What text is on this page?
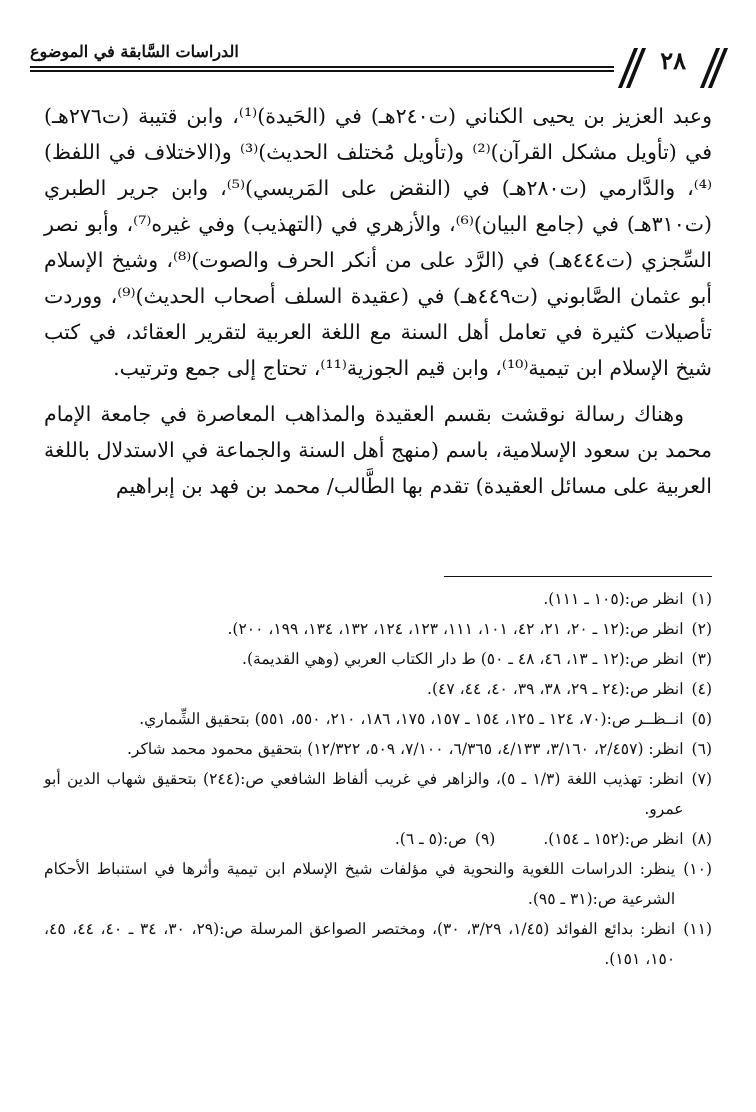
٢٨
الدراسات السَّابقة في الموضوع

وعبد العزيز بن يحيى الكناني (ت٢٤٠هـ) في (الحَيدة)⁽¹⁾، وابن قتيبة (ت٢٧٦هـ) في (تأويل مشكل القرآن)⁽²⁾ و(تأويل مُختلف الحديث)⁽³⁾ و(الاختلاف في اللفظ)⁽⁴⁾، والدَّارمي (ت٢٨٠هـ) في (النقض على المَريسي)⁽⁵⁾، وابن جرير الطبري (ت٣١٠هـ) في (جامع البيان)⁽⁶⁾، والأزهري في (التهذيب) وفي غيره⁽⁷⁾، وأبو نصر السِّجزي (ت٤٤٤هـ) في (الرَّد على من أنكر الحرف والصوت)⁽⁸⁾، وشيخ الإسلام أبو عثمان الصَّابوني (ت٤٤٩هـ) في (عقيدة السلف أصحاب الحديث)⁽⁹⁾، ووردت تأصيلات كثيرة في تعامل أهل السنة مع اللغة العربية لتقرير العقائد، في كتب شيخ الإسلام ابن تيمية⁽¹⁰⁾، وابن قيم الجوزية⁽¹¹⁾، تحتاج إلى جمع وترتيب.

وهناك رسالة نوقشت بقسم العقيدة والمذاهب المعاصرة في جامعة الإمام محمد بن سعود الإسلامية، باسم (منهج أهل السنة والجماعة في الاستدلال باللغة العربية على مسائل العقيدة) تقدم بها الطَّالب/ محمد بن فهد بن إبراهيم

(١)
انظر ص:(١٠٥ ـ ١١١).
(٢)
انظر ص:(١٢ ـ ٢٠، ٢١، ٤٢، ١٠١، ١١١، ١٢٣، ١٢٤، ١٣٢، ١٣٤، ١٩٩، ٢٠٠).
(٣)
انظر ص:(١٢ ـ ١٣، ٤٦، ٤٨ ـ ٥٠) ط دار الكتاب العربي (وهي القديمة).
(٤)
انظر ص:(٢٤ ـ ٢٩، ٣٨، ٣٩، ٤٠، ٤٤، ٤٧).
(٥)
انــظــر ص:(٧٠، ١٢٤ ـ ١٢٥، ١٥٤ ـ ١٥٧، ١٧٥، ١٨٦، ٢١٠، ٥٥٠، ٥٥١) بتحقيق الشِّماري.
(٦)
انظر: (٢/٤٥٧، ٣/١٦٠، ٤/١٣٣، ٦/٣٦٥، ٧/١٠٠، ٥٠٩، ١٢/٣٢٢) بتحقيق محمود محمد شاكر.
(٧)
انظر: تهذيب اللغة (١/٣ ـ ٥)، والزاهر في غريب ألفاظ الشافعي ص:(٢٤٤) بتحقيق شهاب الدين أبو عمرو.
(٨)
انظر ص:(١٥٢ ـ ١٥٤).
(٩)
ص:(٥ ـ ٦).
(١٠)
ينظر: الدراسات اللغوية والنحوية في مؤلفات شيخ الإسلام ابن تيمية وأثرها في استنباط الأحكام الشرعية ص:(٣١ ـ ٩٥).
(١١)
انظر: بدائع الفوائد (١/٤٥، ٣/٢٩، ٣٠)، ومختصر الصواعق المرسلة ص:(٢٩، ٣٠، ٣٤ ـ ٤٠، ٤٤، ٤٥، ١٥٠، ١٥١).
